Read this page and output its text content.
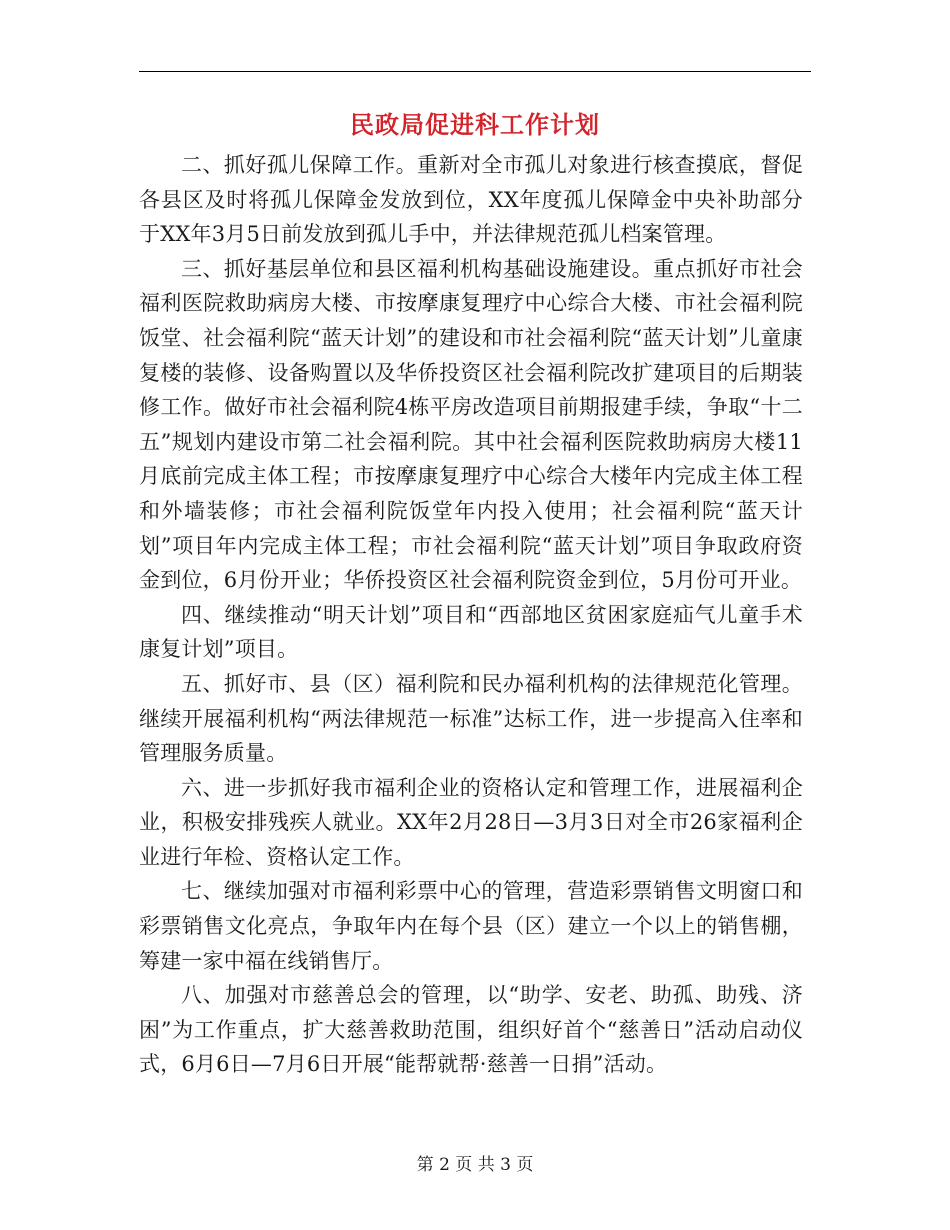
民政局促进科工作计划

二、抓好孤儿保障工作。重新对全市孤儿对象进行核查摸底，督促各县区及时将孤儿保障金发放到位，XX年度孤儿保障金中央补助部分于XX年3月5日前发放到孤儿手中，并法律规范孤儿档案管理。

三、抓好基层单位和县区福利机构基础设施建设。重点抓好市社会福利医院救助病房大楼、市按摩康复理疗中心综合大楼、市社会福利院饭堂、社会福利院“蓝天计划”的建设和市社会福利院“蓝天计划”儿童康复楼的装修、设备购置以及华侨投资区社会福利院改扩建项目的后期装修工作。做好市社会福利院4栋平房改造项目前期报建手续，争取“十二五”规划内建设市第二社会福利院。其中社会福利医院救助病房大楼11月底前完成主体工程；市按摩康复理疗中心综合大楼年内完成主体工程和外墙装修；市社会福利院饭堂年内投入使用；社会福利院“蓝天计划”项目年内完成主体工程；市社会福利院“蓝天计划”项目争取政府资金到位，6月份开业；华侨投资区社会福利院资金到位，5月份可开业。

四、继续推动“明天计划”项目和“西部地区贫困家庭疝气儿童手术康复计划”项目。

五、抓好市、县（区）福利院和民办福利机构的法律规范化管理。继续开展福利机构“两法律规范一标准”达标工作，进一步提高入住率和管理服务质量。

六、进一步抓好我市福利企业的资格认定和管理工作，进展福利企业，积极安排残疾人就业。XX年2月28日—3月3日对全市26家福利企业进行年检、资格认定工作。

七、继续加强对市福利彩票中心的管理，营造彩票销售文明窗口和彩票销售文化亮点，争取年内在每个县（区）建立一个以上的销售棚，筹建一家中福在线销售厅。

八、加强对市慈善总会的管理，以“助学、安老、助孤、助残、济困”为工作重点，扩大慈善救助范围，组织好首个“慈善日”活动启动仪式，6月6日—7月6日开展“能帮就帮·慈善一日捐”活动。

第 2 页 共 3 页
